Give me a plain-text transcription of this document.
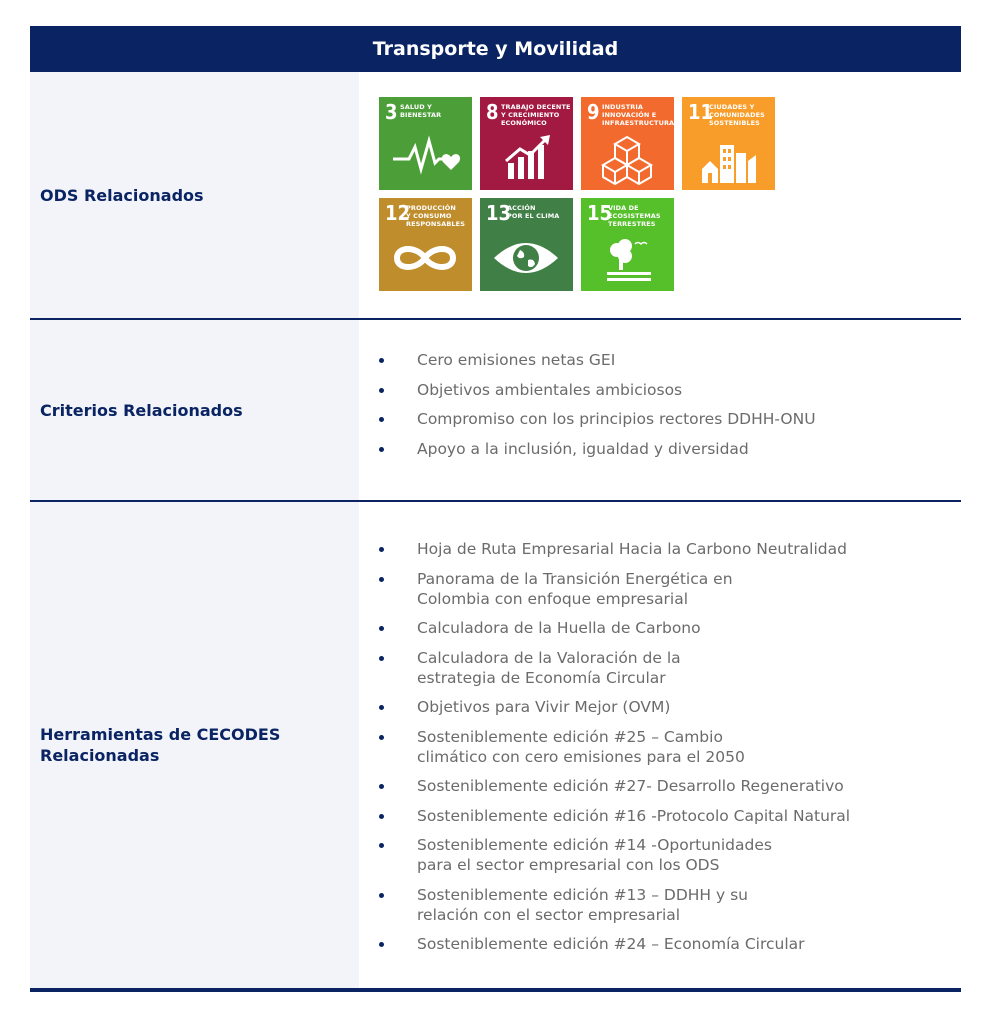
Transporte y Movilidad
ODS Relacionados
3 SALUD Y
BIENESTAR 8 TRABAJO DECENTE
Y CRECIMIENTO
ECONÓMICO	9 INDUSTRIA
INNOVACIÓN E
INFRAESTRUCTURA 11
CIUDADES Y
COMUNIDADES
SOSTENIBLES
12
PRODUCCIÓN
Y CONSUMO
RESPONSABLES 13
ACCIÓN
POR EL CLIMA 15
VIDA DE
ECOSISTEMAS
TERRESTRES
Criterios Relacionados
Cero emisiones netas GEI
Objetivos ambientales ambiciosos
Compromiso con los principios rectores DDHH-ONU
Apoyo a la inclusión, igualdad y diversidad
Herramientas de CECODES
Relacionadas
Hoja de Ruta Empresarial Hacia la Carbono Neutralidad
Panorama de la Transición Energética en
Colombia con enfoque empresarial
Calculadora de la Huella de Carbono
Calculadora de la Valoración de la
estrategia de Economía Circular
Objetivos para Vivir Mejor (OVM)
Sosteniblemente edición #25 – Cambio
climático con cero emisiones para el 2050
Sosteniblemente edición #27- Desarrollo Regenerativo
Sosteniblemente edición #16 -Protocolo Capital Natural
Sosteniblemente edición #14 -Oportunidades
para el sector empresarial con los ODS
Sosteniblemente edición #13 – DDHH y su
relación con el sector empresarial
Sosteniblemente edición #24 – Economía Circular
